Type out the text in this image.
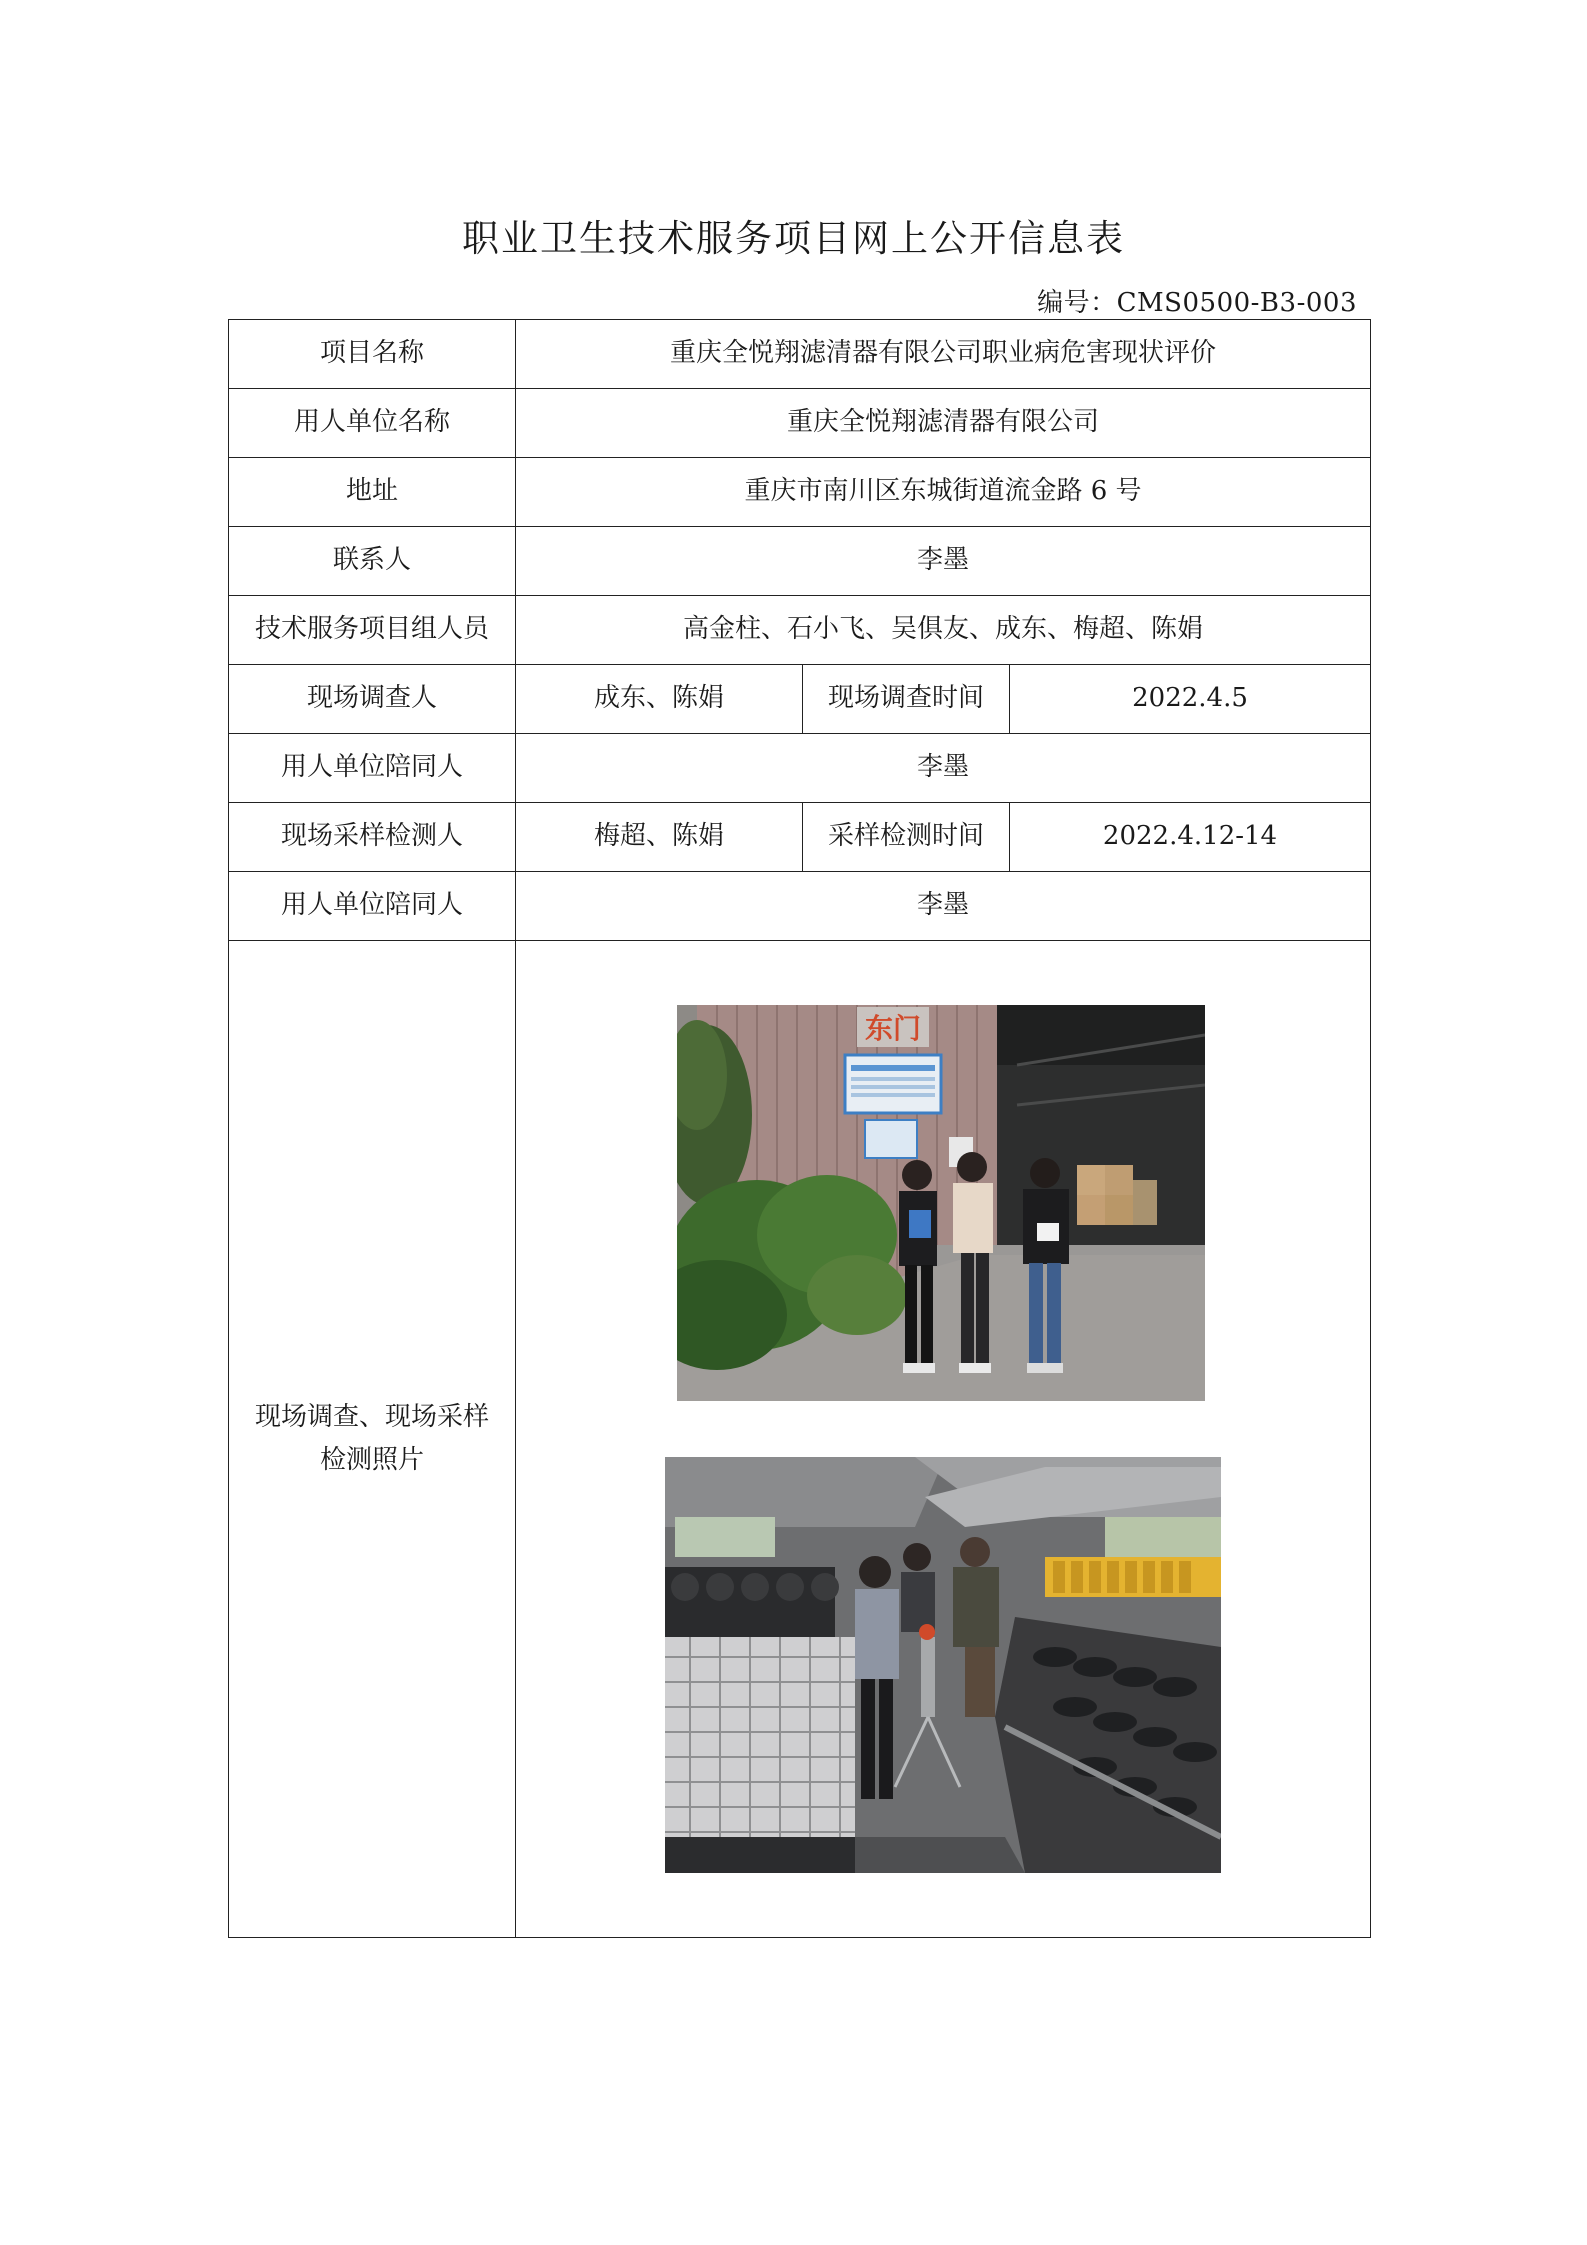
职业卫生技术服务项目网上公开信息表
编号：CMS0500-B3-003
项目名称	重庆全悦翔滤清器有限公司职业病危害现状评价		
用人单位名称	重庆全悦翔滤清器有限公司		
地址	重庆市南川区东城街道流金路 6 号		
联系人	李墨		
技术服务项目组人员	高金柱、石小飞、吴俱友、成东、梅超、陈娟		
现场调查人	成东、陈娟	现场调查时间	2022.4.5
用人单位陪同人	李墨		
现场采样检测人	梅超、陈娟	采样检测时间	2022.4.12-14
用人单位陪同人	李墨		

现场调查、现场采样
检测照片	东门		
